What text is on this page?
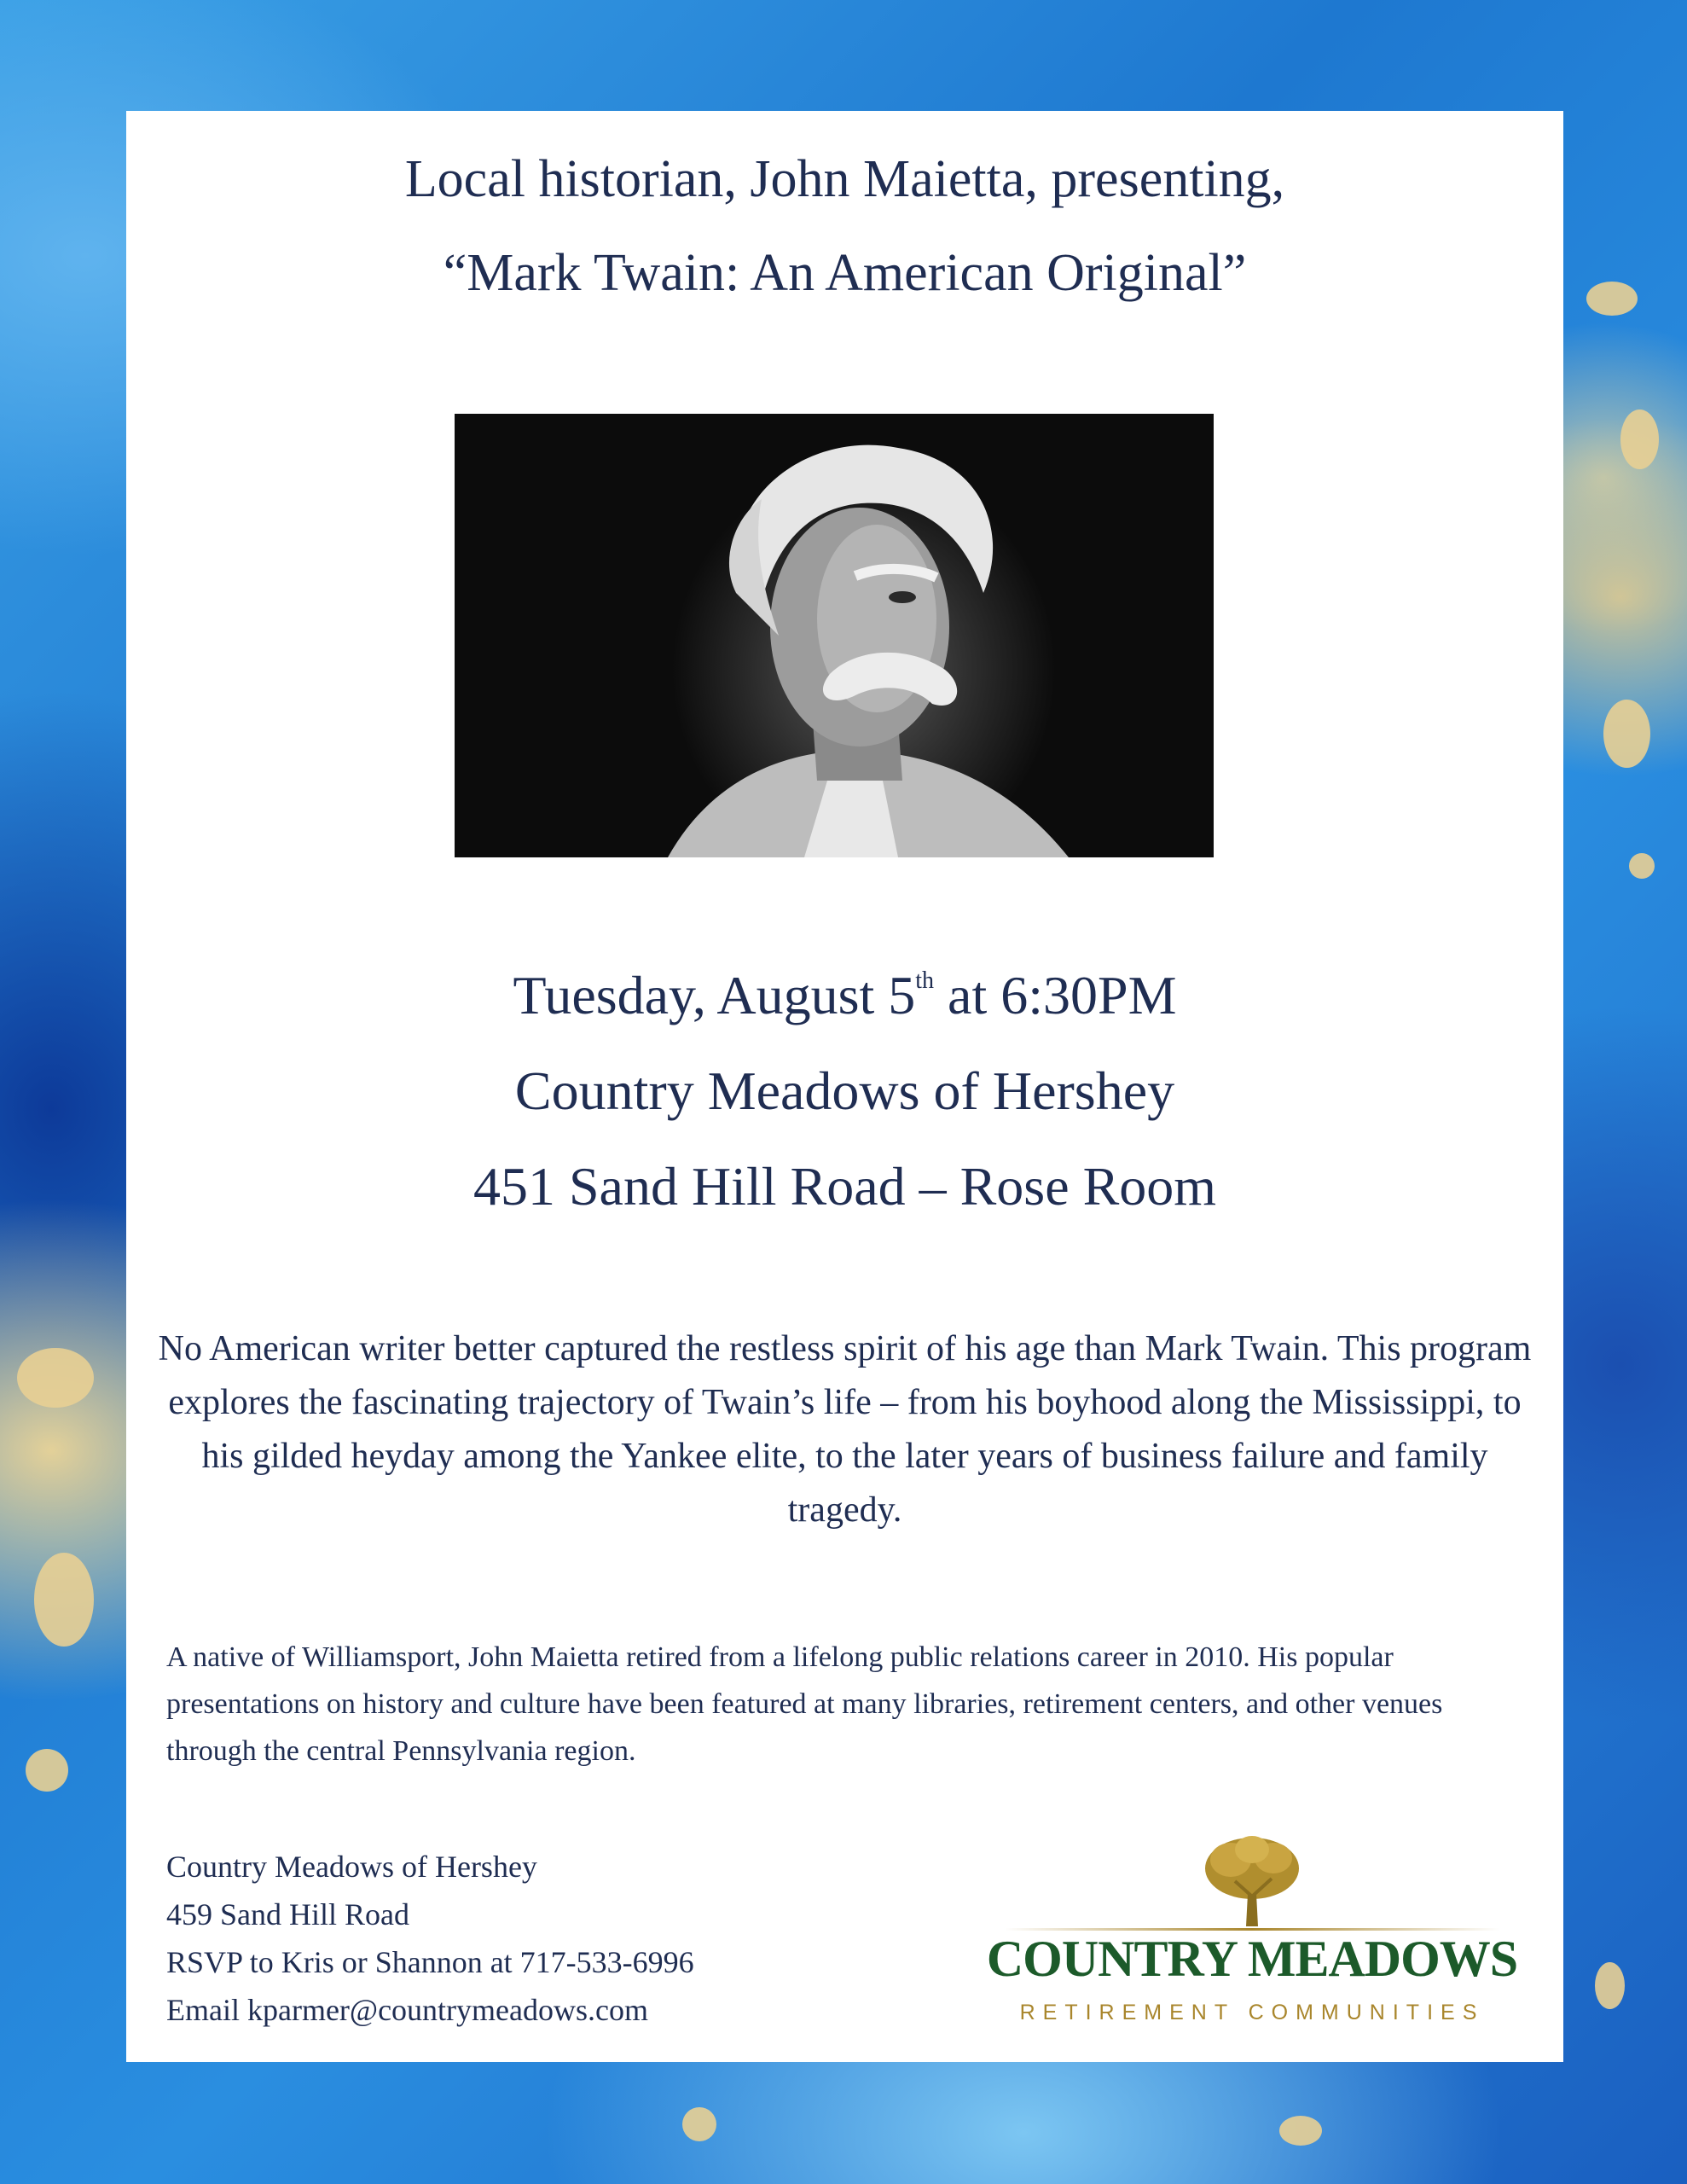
Local historian, John Maietta, presenting,
“Mark Twain: An American Original”
Tuesday, August 5th at 6:30PM
Country Meadows of Hershey
451 Sand Hill Road – Rose Room
No American writer better captured the restless spirit of his age than Mark Twain. This program explores the fascinating trajectory of Twain’s life – from his boyhood along the Mississippi, to his gilded heyday among the Yankee elite, to the later years of business failure and family tragedy.
A native of Williamsport, John Maietta retired from a lifelong public relations career in 2010. His popular presentations on history and culture have been featured at many libraries, retirement centers, and other venues through the central Pennsylvania region.
Country Meadows of Hershey
459 Sand Hill Road
RSVP to Kris or Shannon at 717-533-6996
Email kparmer@countrymeadows.com
COUNTRY MEADOWS
RETIREMENT COMMUNITIES
